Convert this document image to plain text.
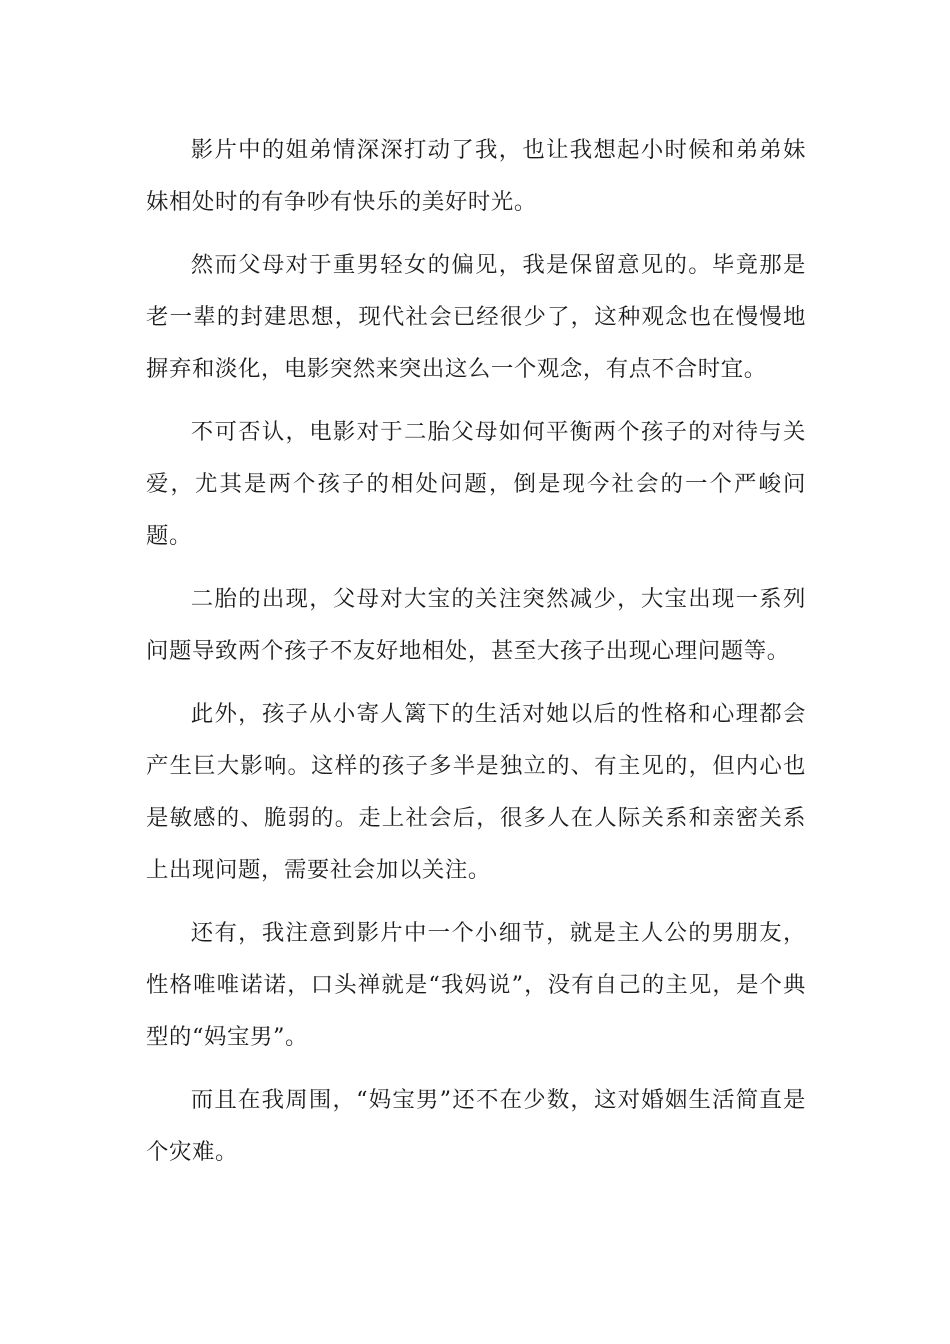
影片中的姐弟情深深打动了我，也让我想起小时候和弟弟妹妹相处时的有争吵有快乐的美好时光。

然而父母对于重男轻女的偏见，我是保留意见的。毕竟那是老一辈的封建思想，现代社会已经很少了，这种观念也在慢慢地摒弃和淡化，电影突然来突出这么一个观念，有点不合时宜。

不可否认，电影对于二胎父母如何平衡两个孩子的对待与关爱，尤其是两个孩子的相处问题，倒是现今社会的一个严峻问题。

二胎的出现，父母对大宝的关注突然减少，大宝出现一系列问题导致两个孩子不友好地相处，甚至大孩子出现心理问题等。

此外，孩子从小寄人篱下的生活对她以后的性格和心理都会产生巨大影响。这样的孩子多半是独立的、有主见的，但内心也是敏感的、脆弱的。走上社会后，很多人在人际关系和亲密关系上出现问题，需要社会加以关注。

还有，我注意到影片中一个小细节，就是主人公的男朋友，性格唯唯诺诺，口头禅就是“我妈说”，没有自己的主见，是个典型的“妈宝男”。

而且在我周围，“妈宝男”还不在少数，这对婚姻生活简直是个灾难。
